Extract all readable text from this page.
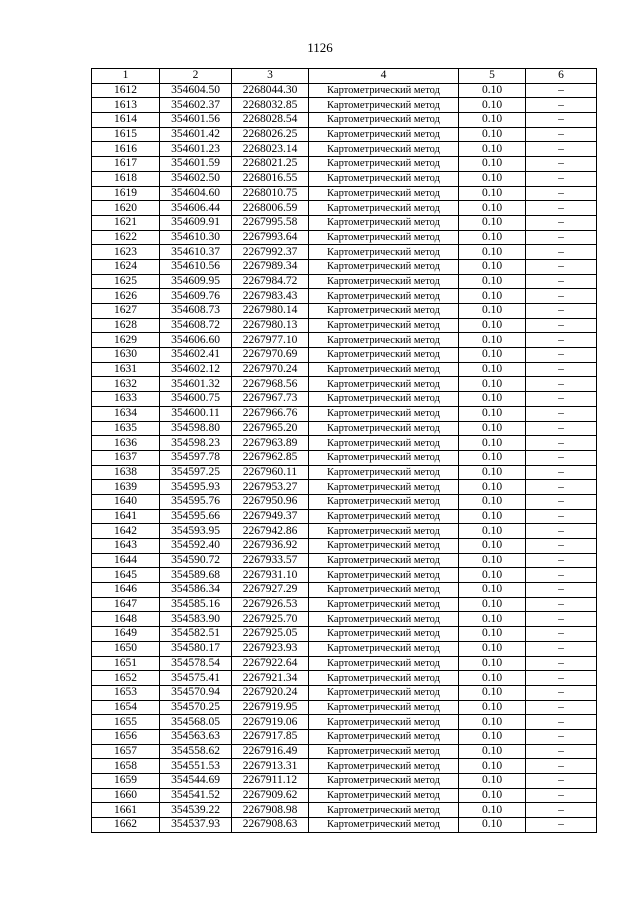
1126
1	2	3	4	5	6
1612	354604.50	2268044.30	Картометрический метод	0.10	–
1613	354602.37	2268032.85	Картометрический метод	0.10	–
1614	354601.56	2268028.54	Картометрический метод	0.10	–
1615	354601.42	2268026.25	Картометрический метод	0.10	–
1616	354601.23	2268023.14	Картометрический метод	0.10	–
1617	354601.59	2268021.25	Картометрический метод	0.10	–
1618	354602.50	2268016.55	Картометрический метод	0.10	–
1619	354604.60	2268010.75	Картометрический метод	0.10	–
1620	354606.44	2268006.59	Картометрический метод	0.10	–
1621	354609.91	2267995.58	Картометрический метод	0.10	–
1622	354610.30	2267993.64	Картометрический метод	0.10	–
1623	354610.37	2267992.37	Картометрический метод	0.10	–
1624	354610.56	2267989.34	Картометрический метод	0.10	–
1625	354609.95	2267984.72	Картометрический метод	0.10	–
1626	354609.76	2267983.43	Картометрический метод	0.10	–
1627	354608.73	2267980.14	Картометрический метод	0.10	–
1628	354608.72	2267980.13	Картометрический метод	0.10	–
1629	354606.60	2267977.10	Картометрический метод	0.10	–
1630	354602.41	2267970.69	Картометрический метод	0.10	–
1631	354602.12	2267970.24	Картометрический метод	0.10	–
1632	354601.32	2267968.56	Картометрический метод	0.10	–
1633	354600.75	2267967.73	Картометрический метод	0.10	–
1634	354600.11	2267966.76	Картометрический метод	0.10	–
1635	354598.80	2267965.20	Картометрический метод	0.10	–
1636	354598.23	2267963.89	Картометрический метод	0.10	–
1637	354597.78	2267962.85	Картометрический метод	0.10	–
1638	354597.25	2267960.11	Картометрический метод	0.10	–
1639	354595.93	2267953.27	Картометрический метод	0.10	–
1640	354595.76	2267950.96	Картометрический метод	0.10	–
1641	354595.66	2267949.37	Картометрический метод	0.10	–
1642	354593.95	2267942.86	Картометрический метод	0.10	–
1643	354592.40	2267936.92	Картометрический метод	0.10	–
1644	354590.72	2267933.57	Картометрический метод	0.10	–
1645	354589.68	2267931.10	Картометрический метод	0.10	–
1646	354586.34	2267927.29	Картометрический метод	0.10	–
1647	354585.16	2267926.53	Картометрический метод	0.10	–
1648	354583.90	2267925.70	Картометрический метод	0.10	–
1649	354582.51	2267925.05	Картометрический метод	0.10	–
1650	354580.17	2267923.93	Картометрический метод	0.10	–
1651	354578.54	2267922.64	Картометрический метод	0.10	–
1652	354575.41	2267921.34	Картометрический метод	0.10	–
1653	354570.94	2267920.24	Картометрический метод	0.10	–
1654	354570.25	2267919.95	Картометрический метод	0.10	–
1655	354568.05	2267919.06	Картометрический метод	0.10	–
1656	354563.63	2267917.85	Картометрический метод	0.10	–
1657	354558.62	2267916.49	Картометрический метод	0.10	–
1658	354551.53	2267913.31	Картометрический метод	0.10	–
1659	354544.69	2267911.12	Картометрический метод	0.10	–
1660	354541.52	2267909.62	Картометрический метод	0.10	–
1661	354539.22	2267908.98	Картометрический метод	0.10	–
1662	354537.93	2267908.63	Картометрический метод	0.10	–
